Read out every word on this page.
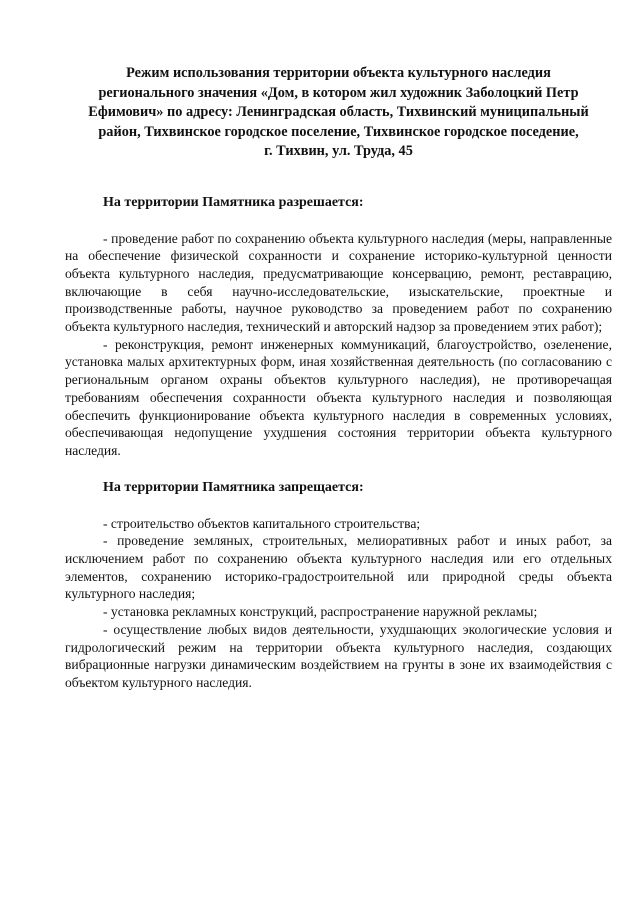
Режим использования территории объекта культурного наследия
регионального значения «Дом, в котором жил художник Заболоцкий Петр
Ефимович» по адресу: Ленинградская область, Тихвинский муниципальный
район, Тихвинское городское поселение, Тихвинское городское поседение,
г. Тихвин, ул. Труда, 45
На территории Памятника разрешается:

- проведение работ по сохранению объекта культурного наследия (меры, направленные на обеспечение физической сохранности и сохранение историко-культурной ценности объекта культурного наследия, предусматривающие консервацию, ремонт, реставрацию, включающие в себя научно-исследовательские, изыскательские, проектные и производственные работы, научное руководство за проведением работ по сохранению объекта культурного наследия, технический и авторский надзор за проведением этих работ);

- реконструкция, ремонт инженерных коммуникаций, благоустройство, озеленение, установка малых архитектурных форм, иная хозяйственная деятельность (по согласованию с региональным органом охраны объектов культурного наследия), не противоречащая требованиям обеспечения сохранности объекта культурного наследия и позволяющая обеспечить функционирование объекта культурного наследия в современных условиях, обеспечивающая недопущение ухудшения состояния территории объекта культурного наследия.

На территории Памятника запрещается:

- строительство объектов капитального строительства;

- проведение земляных, строительных, мелиоративных работ и иных работ, за исключением работ по сохранению объекта культурного наследия или его отдельных элементов, сохранению историко-градостроительной или природной среды объекта культурного наследия;

- установка рекламных конструкций, распространение наружной рекламы;

- осуществление любых видов деятельности, ухудшающих экологические условия и гидрологический режим на территории объекта культурного наследия, создающих вибрационные нагрузки динамическим воздействием на грунты в зоне их взаимодействия с объектом культурного наследия.
